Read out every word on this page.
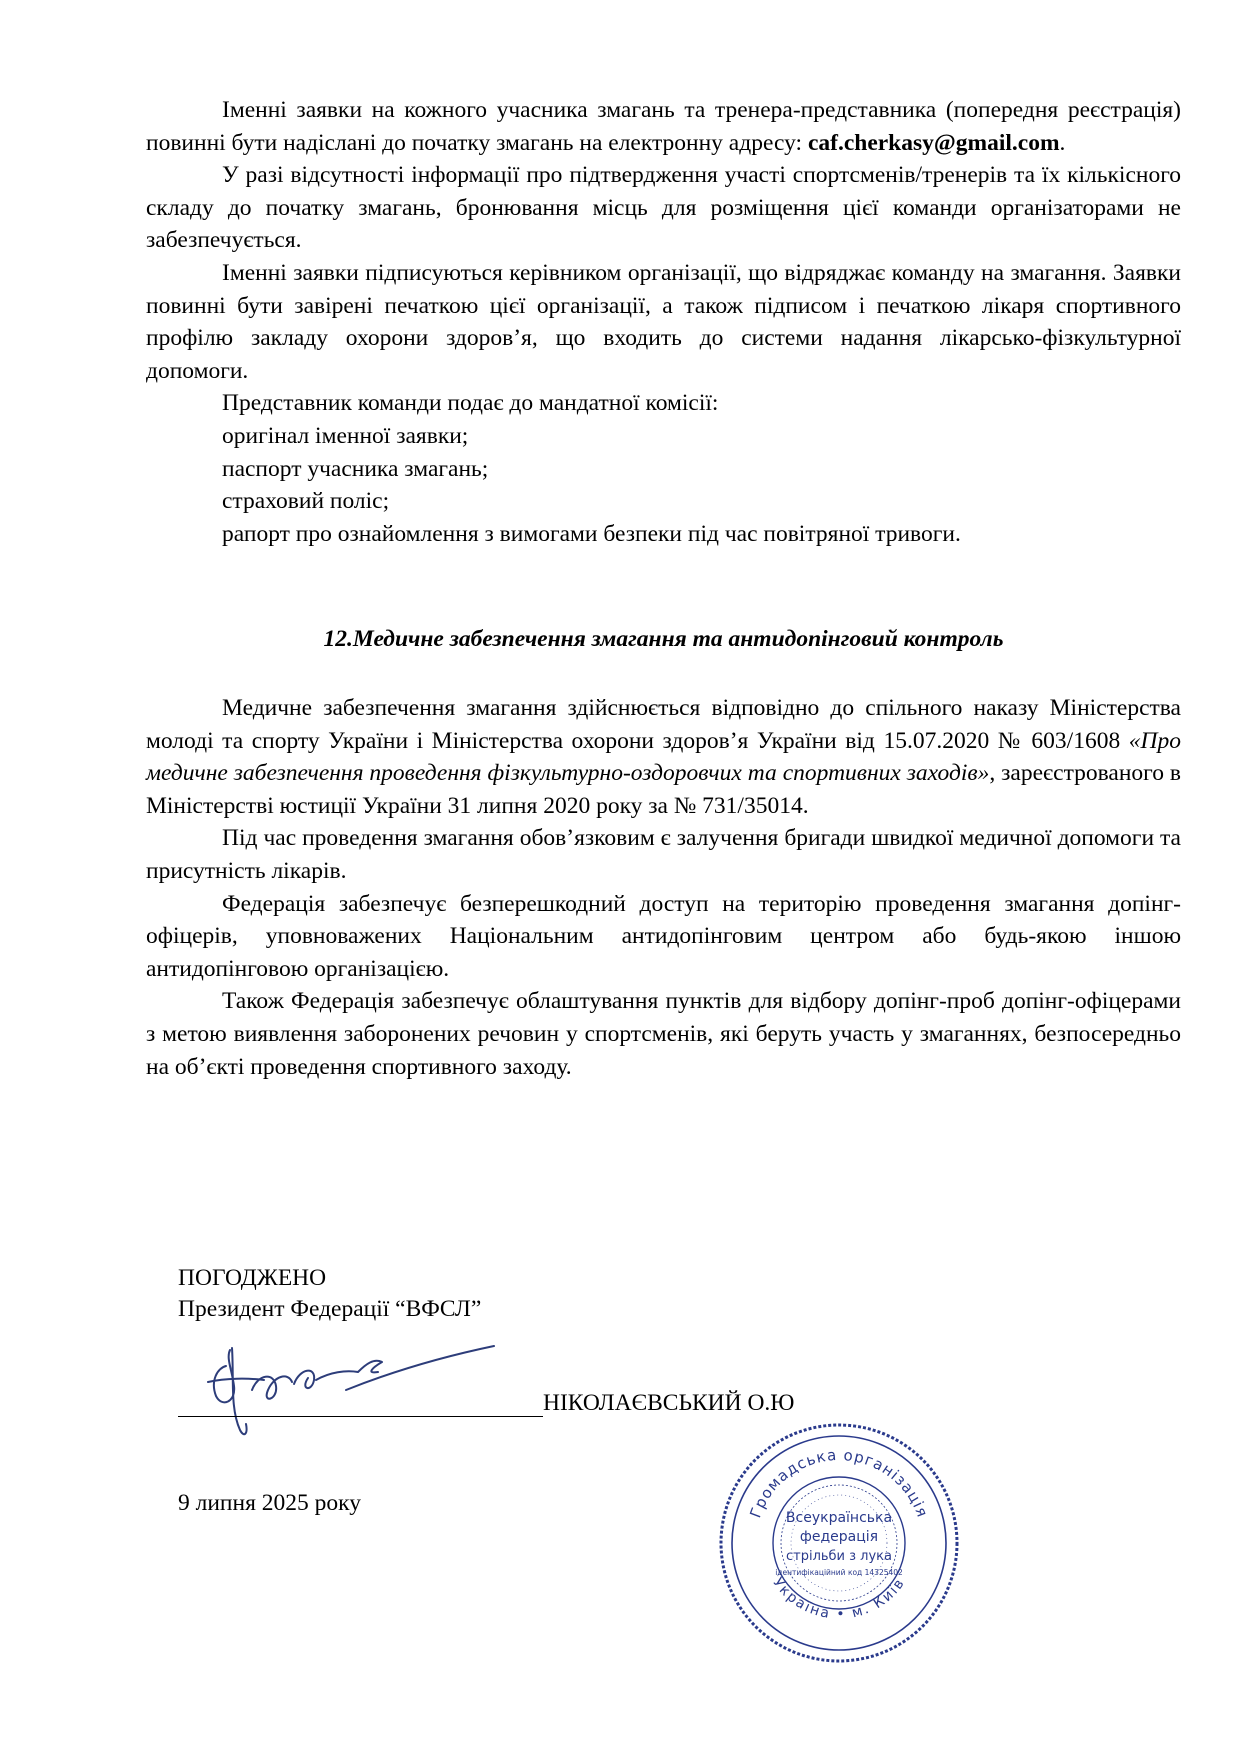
Іменні заявки на кожного учасника змагань та тренера-представника (попередня реєстрація) повинні бути надіслані до початку змагань на електронну адресу: caf.cherkasy@gmail.com.

У разі відсутності інформації про підтвердження участі спортсменів/тренерів та їх кількісного складу до початку змагань, бронювання місць для розміщення цієї команди організаторами не забезпечується.

Іменні заявки підписуються керівником організації, що відряджає команду на змагання. Заявки повинні бути завірені печаткою цієї організації, а також підписом і печаткою лікаря спортивного профілю закладу охорони здоров’я, що входить до системи надання лікарсько-фізкультурної допомоги.

Представник команди подає до мандатної комісії:

оригінал іменної заявки;

паспорт учасника змагань;

страховий поліс;

рапорт про ознайомлення з вимогами безпеки під час повітряної тривоги.

12.Медичне забезпечення змагання та антидопінговий контроль

Медичне забезпечення змагання здійснюється відповідно до спільного наказу Міністерства молоді та спорту України і Міністерства охорони здоров’я України від 15.07.2020 № 603/1608 «Про медичне забезпечення проведення фізкультурно-оздоровчих та спортивних заходів», зареєстрованого в Міністерстві юстиції України 31 липня 2020 року за № 731/35014.

Під час проведення змагання обов’язковим є залучення бригади швидкої медичної допомоги та присутність лікарів.

Федерація забезпечує безперешкодний доступ на територію проведення змагання допінг-офіцерів, уповноважених Національним антидопінговим центром або будь-якою іншою антидопінговою організацією.

Також Федерація забезпечує облаштування пунктів для відбору допінг-проб допінг-офіцерами з метою виявлення заборонених речовин у спортсменів, які беруть участь у змаганнях, безпосередньо на об’єкті проведення спортивного заходу.

ПОГОДЖЕНО
Президент Федерації “ВФСЛ”
НІКОЛАЄВСЬКИЙ О.Ю
9 липня 2025 року	Громадська організація
Україна • м. Київ
Всеукраїнська
федерація
стрільби з лука
ідентифікаційний код 14325402
